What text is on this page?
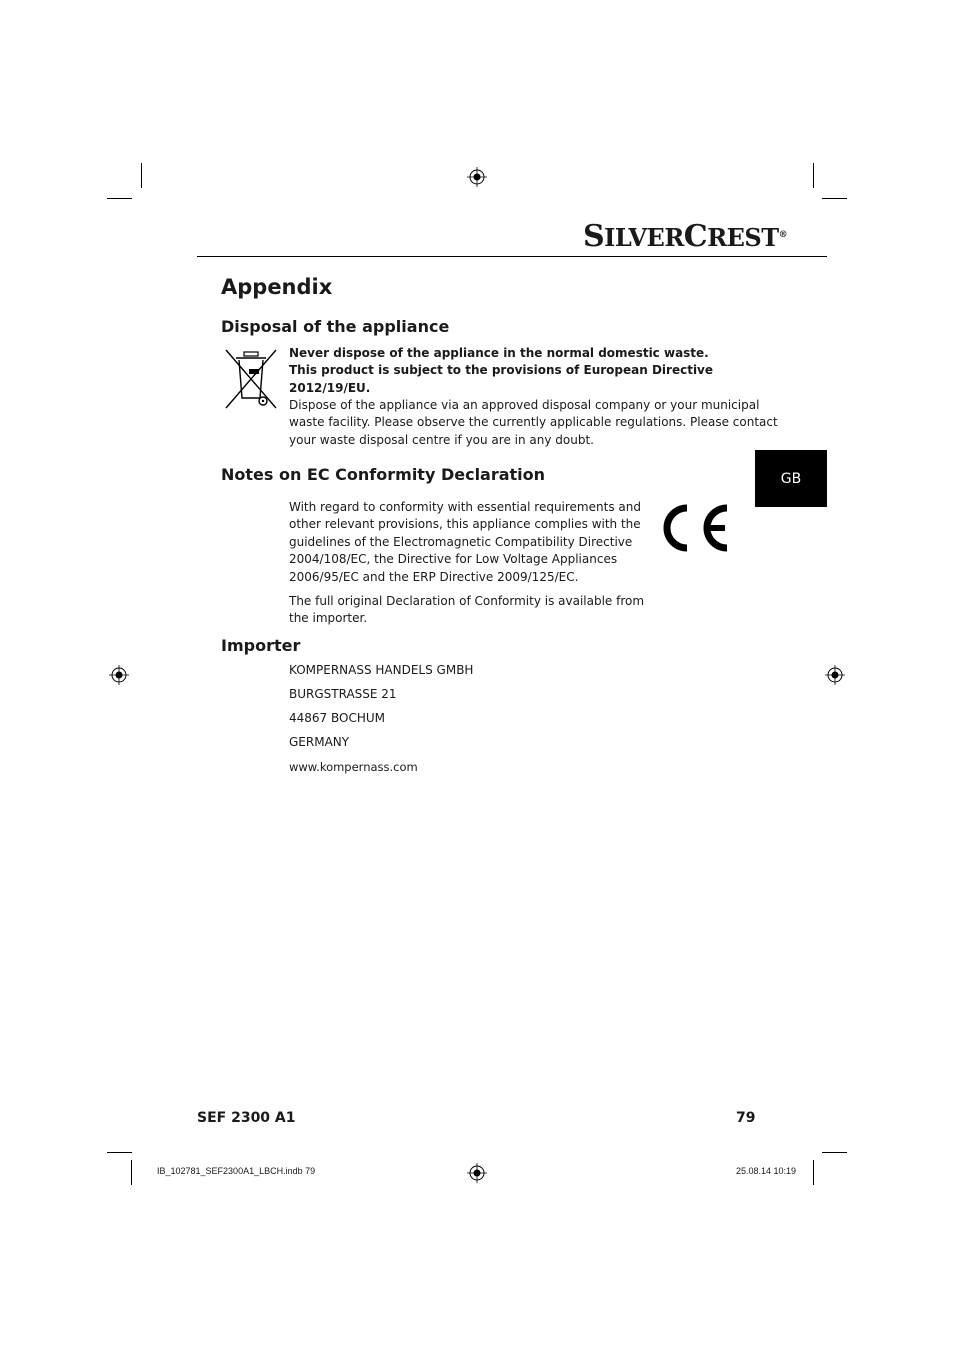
SILVERCREST®
Appendix
Disposal of the appliance
Never dispose of the appliance in the normal domestic waste.
This product is subject to the provisions of European Directive
2012/19/EU.
Dispose of the appliance via an approved disposal company or your municipal
waste facility. Please observe the currently applicable regulations. Please contact
your waste disposal centre if you are in any doubt.
Notes on EC Conformity Declaration
With regard to conformity with essential requirements and
other relevant provisions, this appliance complies with the
guidelines of the Electromagnetic Compatibility Directive
2004/108/EC, the Directive for Low Voltage Appliances
2006/95/EC and the ERP Directive 2009/125/EC.
The full original Declaration of Conformity is available from
the importer.
Importer
KOMPERNASS HANDELS GMBH
BURGSTRASSE 21
44867 BOCHUM
GERMANY
www.kompernass.com
GB
SEF 2300 A1	79
IB_102781_SEF2300A1_LBCH.indb 79	25.08.14 10:19
